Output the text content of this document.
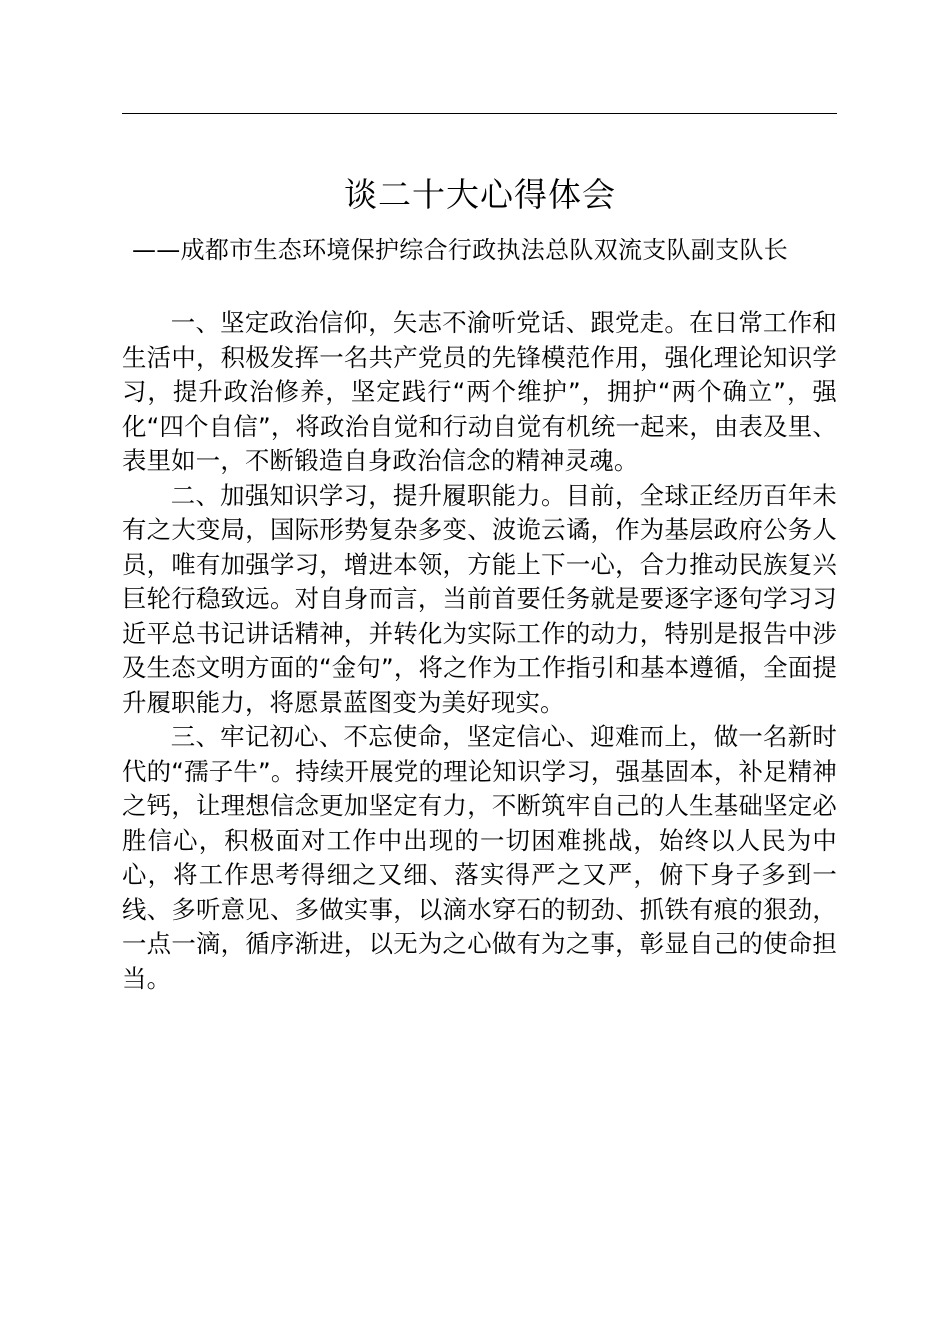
谈二十大心得体会

——成都市生态环境保护综合行政执法总队双流支队副支队长

一、坚定政治信仰，矢志不渝听党话、跟党走。在日常工作和生活中，积极发挥一名共产党员的先锋模范作用，强化理论知识学习，提升政治修养，坚定践行“两个维护”，拥护“两个确立”，强化“四个自信”，将政治自觉和行动自觉有机统一起来，由表及里、表里如一，不断锻造自身政治信念的精神灵魂。

二、加强知识学习，提升履职能力。目前，全球正经历百年未有之大变局，国际形势复杂多变、波诡云谲，作为基层政府公务人员，唯有加强学习，增进本领，方能上下一心，合力推动民族复兴巨轮行稳致远。对自身而言，当前首要任务就是要逐字逐句学习习近平总书记讲话精神，并转化为实际工作的动力，特别是报告中涉及生态文明方面的“金句”，将之作为工作指引和基本遵循，全面提升履职能力，将愿景蓝图变为美好现实。

三、牢记初心、不忘使命，坚定信心、迎难而上，做一名新时代的“孺子牛”。持续开展党的理论知识学习，强基固本，补足精神之钙，让理想信念更加坚定有力，不断筑牢自己的人生基础坚定必胜信心，积极面对工作中出现的一切困难挑战，始终以人民为中心，将工作思考得细之又细、落实得严之又严，俯下身子多到一线、多听意见、多做实事，以滴水穿石的韧劲、抓铁有痕的狠劲，一点一滴，循序渐进，以无为之心做有为之事，彰显自己的使命担当。
